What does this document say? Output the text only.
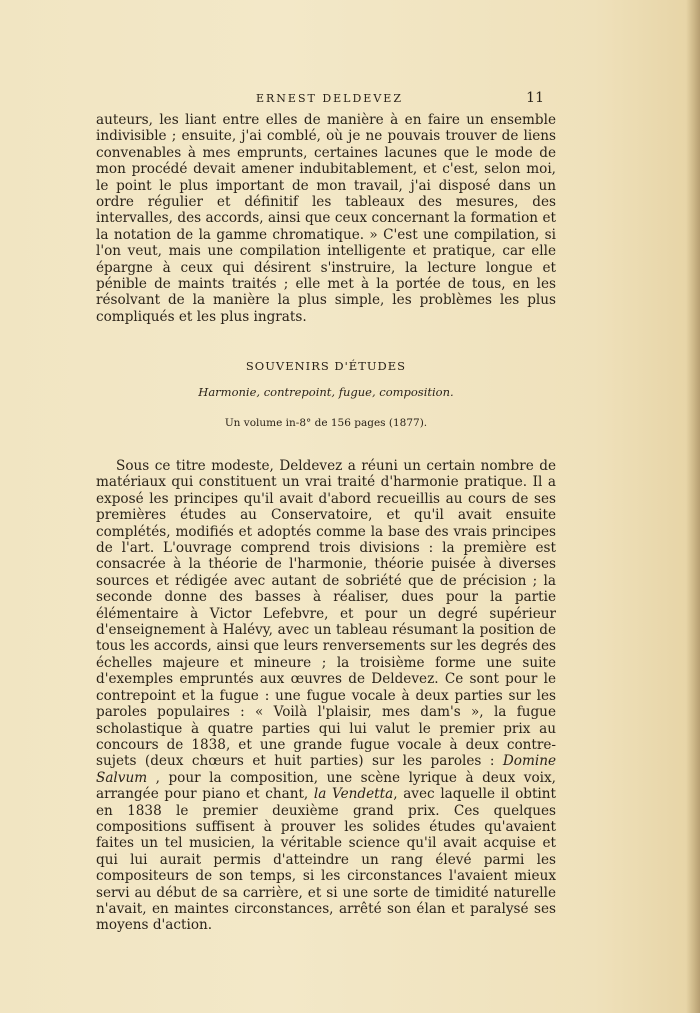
ERNEST DELDEVEZ	11

auteurs, les liant entre elles de manière à en faire un ensemble indivisible ; ensuite, j'ai comblé, où je ne pouvais trouver de liens convenables à mes emprunts, certaines lacunes que le mode de mon procédé devait amener indubitablement, et c'est, selon moi, le point le plus important de mon travail, j'ai disposé dans un ordre régulier et définitif les tableaux des mesures, des intervalles, des accords, ainsi que ceux concernant la formation et la notation de la gamme chromatique. » C'est une compilation, si l'on veut, mais une compilation intelligente et pratique, car elle épargne à ceux qui désirent s'instruire, la lecture longue et pénible de maints traités ; elle met à la portée de tous, en les résolvant de la manière la plus simple, les problèmes les plus compliqués et les plus ingrats.

SOUVENIRS D'ÉTUDES
Harmonie, contrepoint, fugue, composition.
Un volume in-8° de 156 pages (1877).

Sous ce titre modeste, Deldevez a réuni un certain nombre de matériaux qui constituent un vrai traité d'harmonie pratique. Il a exposé les principes qu'il avait d'abord recueillis au cours de ses premières études au Conservatoire, et qu'il avait ensuite complétés, modifiés et adoptés comme la base des vrais principes de l'art. L'ouvrage comprend trois divisions : la première est consacrée à la théorie de l'harmonie, théorie puisée à diverses sources et rédigée avec autant de sobriété que de précision ; la seconde donne des basses à réaliser, dues pour la partie élémentaire à Victor Lefebvre, et pour un degré supérieur d'enseignement à Halévy, avec un tableau résumant la position de tous les accords, ainsi que leurs renversements sur les degrés des échelles majeure et mineure ; la troisième forme une suite d'exemples empruntés aux œuvres de Deldevez. Ce sont pour le contrepoint et la fugue : une fugue vocale à deux parties sur les paroles populaires : « Voilà l'plaisir, mes dam's », la fugue scholastique à quatre parties qui lui valut le premier prix au concours de 1838, et une grande fugue vocale à deux contre-sujets (deux chœurs et huit parties) sur les paroles : Domine Salvum , pour la composition, une scène lyrique à deux voix, arrangée pour piano et chant, la Vendetta, avec laquelle il obtint en 1838 le premier deuxième grand prix. Ces quelques compositions suffisent à prouver les solides études qu'avaient faites un tel musicien, la véritable science qu'il avait acquise et qui lui aurait permis d'atteindre un rang élevé parmi les compositeurs de son temps, si les circonstances l'avaient mieux servi au début de sa carrière, et si une sorte de timidité naturelle n'avait, en maintes circonstances, arrêté son élan et paralysé ses moyens d'action.
